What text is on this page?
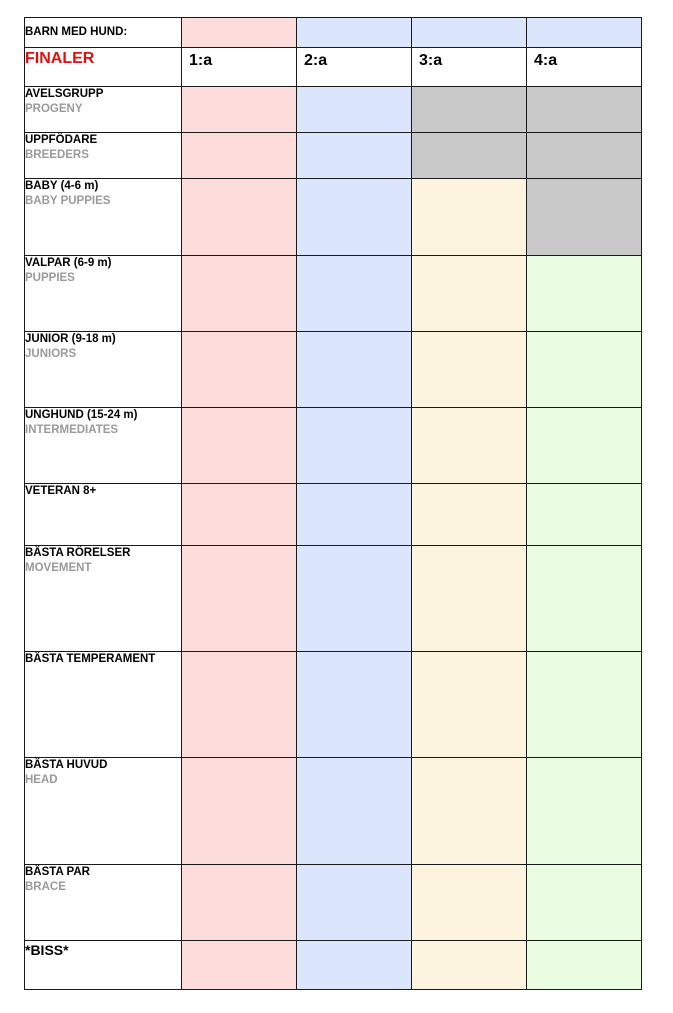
BARN MED HUND:				

FINALER	1:a	2:a	3:a	4:a

AVELSGRUPP
PROGENY				

UPPFÖDARE
BREEDERS				

BABY (4-6 m)
BABY PUPPIES				

VALPAR (6-9 m)
PUPPIES				

JUNIOR (9-18 m)
JUNIORS				

UNGHUND (15-24 m)
INTERMEDIATES				

VETERAN 8+				

BÄSTA RÖRELSER
MOVEMENT				

BÄSTA TEMPERAMENT				

BÄSTA HUVUD
HEAD				

BÄSTA PAR
BRACE				

*BISS*				
